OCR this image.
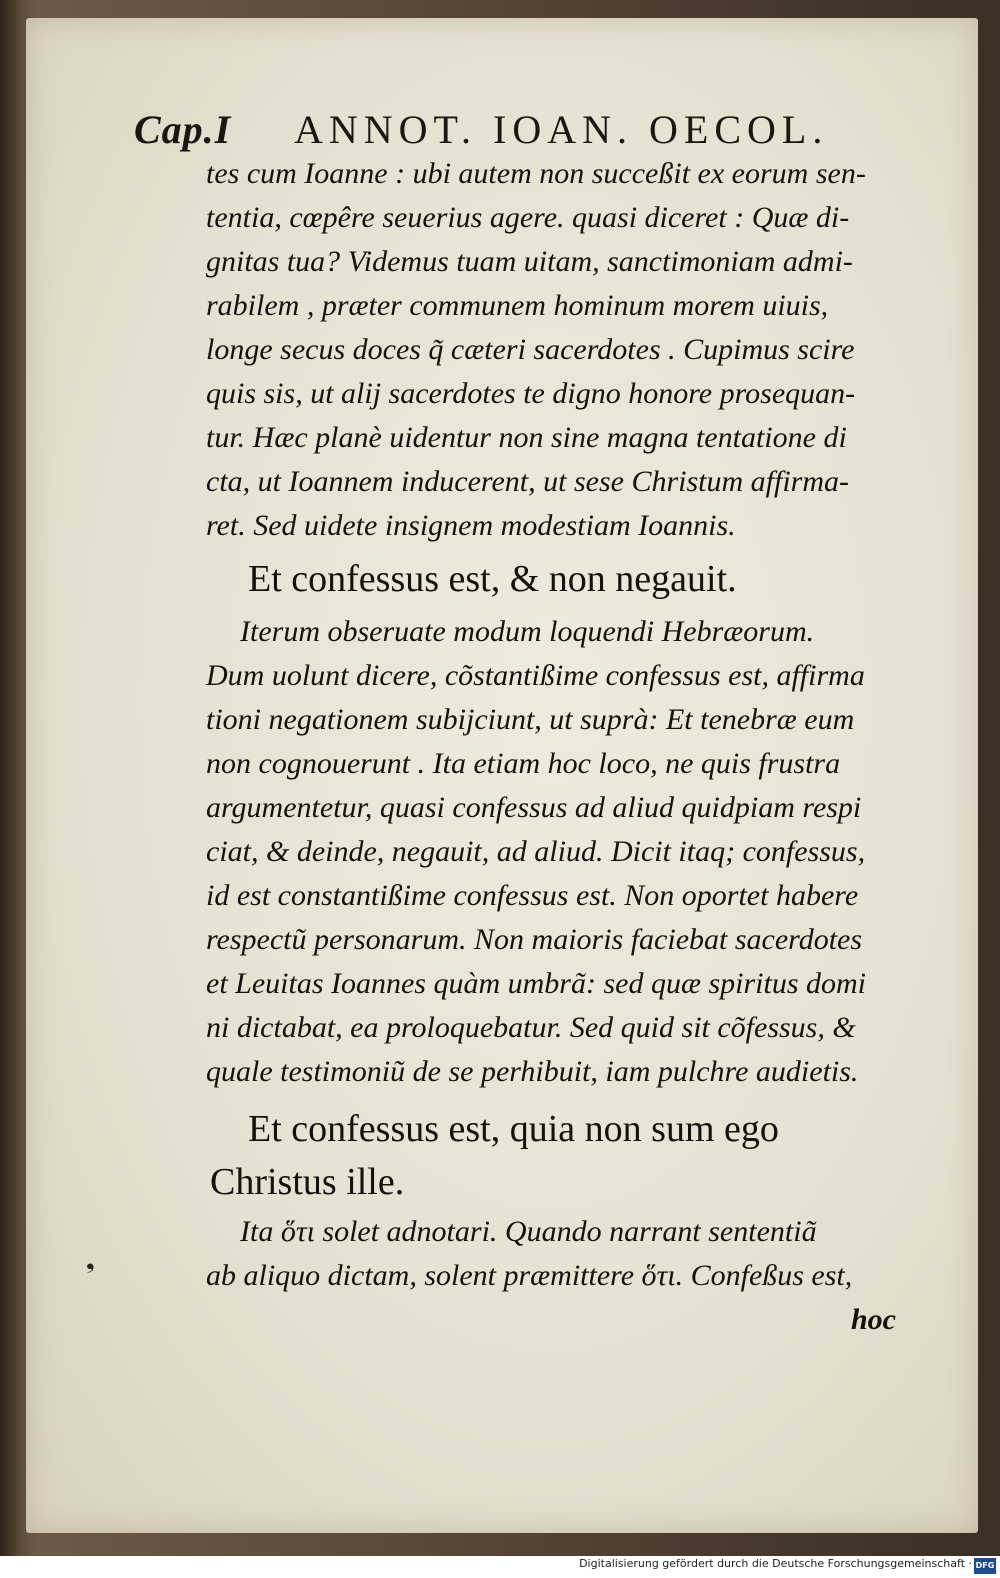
Cap.I ANNOT. IOAN. OECOL.
tes cum Ioanne : ubi autem non succeßit ex eorum sen-
tentia, cœpêre seuerius agere. quasi diceret : Quæ di-
gnitas tua? Videmus tuam uitam, sanctimoniam admi-
rabilem , præter communem hominum morem uiuis,
longe secus doces q̃ cæteri sacerdotes . Cupimus scire
quis sis, ut alij sacerdotes te digno honore prosequan-
tur. Hæc planè uidentur non sine magna tentatione di
cta, ut Ioannem inducerent, ut sese Christum affirma-
ret. Sed uidete insignem modestiam Ioannis.
Et confessus est, & non negauit.
Iterum obseruate modum loquendi Hebræorum.
Dum uolunt dicere, cõstantißime confessus est, affirma
tioni negationem subijciunt, ut suprà: Et tenebræ eum
non cognouerunt . Ita etiam hoc loco, ne quis frustra
argumentetur, quasi confessus ad aliud quidpiam respi
ciat, & deinde, negauit, ad aliud. Dicit itaq; confessus,
id est constantißime confessus est. Non oportet habere
respectũ personarum. Non maioris faciebat sacerdotes
et Leuitas Ioannes quàm umbrã: sed quæ spiritus domi
ni dictabat, ea proloquebatur. Sed quid sit cõfessus, &
quale testimoniũ de se perhibuit, iam pulchre audietis.
Et confessus est, quia non sum ego
Christus ille.
Ita ὅτι solet adnotari. Quando narrant sententiã
ab aliquo dictam, solent præmittere ὅτι. Confeßus est,
hoc
❟
Digitalisierung gefördert durch die Deutsche Forschungsgemeinschaft · DFG
